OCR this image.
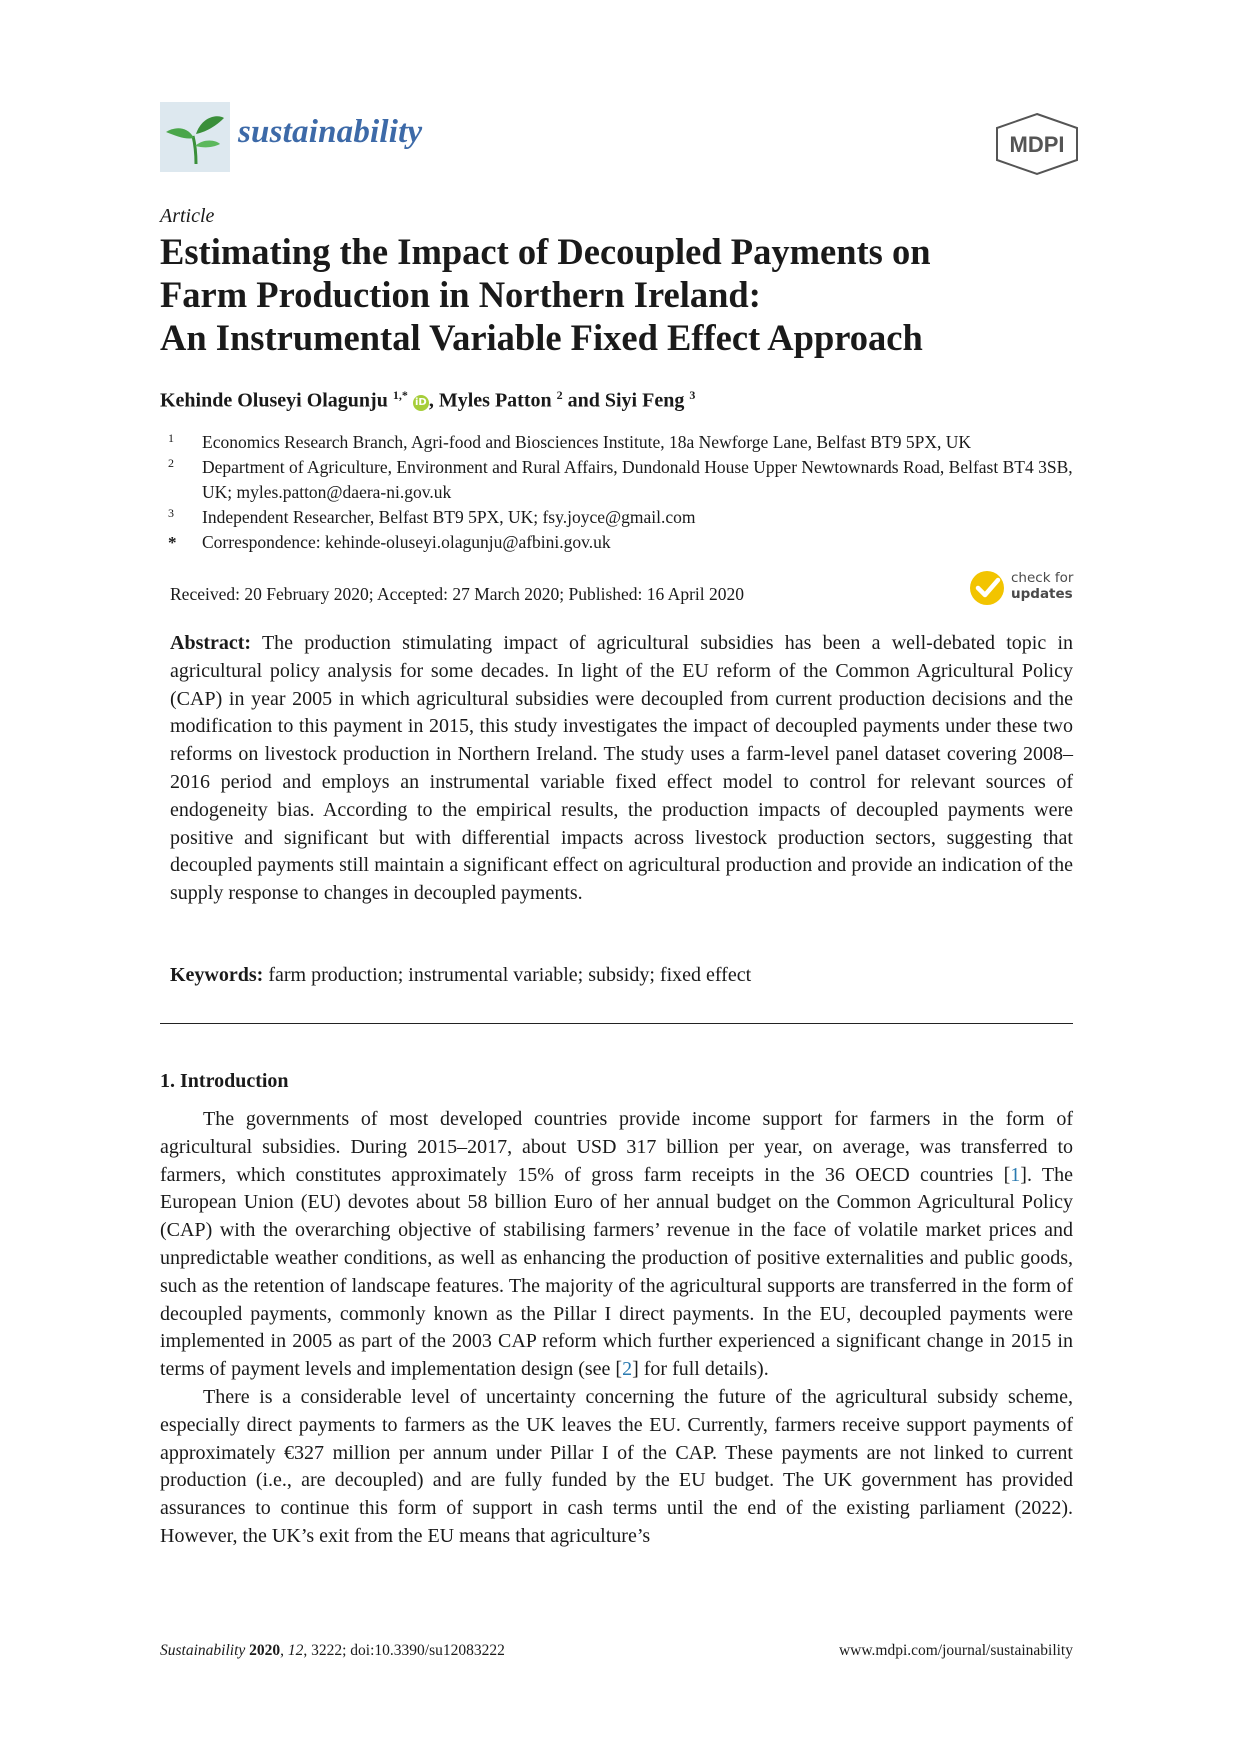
sustainability	MDPI
Article
Estimating the Impact of Decoupled Payments on
Farm Production in Northern Ireland:
An Instrumental Variable Fixed Effect Approach
Kehinde Oluseyi Olagunju $^{1,*}$ iD , Myles Patton $^2$ and Siyi Feng $^3$
1 Economics Research Branch, Agri-food and Biosciences Institute, 18a Newforge Lane, Belfast BT9 5PX, UK
2 Department of Agriculture, Environment and Rural Affairs, Dundonald House Upper Newtownards Road, Belfast BT4 3SB, UK; myles.patton@daera-ni.gov.uk
3 Independent Researcher, Belfast BT9 5PX, UK; fsy.joyce@gmail.com
* Correspondence: kehinde-oluseyi.olagunju@afbini.gov.uk
Received: 20 February 2020; Accepted: 27 March 2020; Published: 16 April 2020
check for
updates
Abstract: The production stimulating impact of agricultural subsidies has been a well-debated topic in agricultural policy analysis for some decades. In light of the EU reform of the Common Agricultural Policy (CAP) in year 2005 in which agricultural subsidies were decoupled from current production decisions and the modification to this payment in 2015, this study investigates the impact of decoupled payments under these two reforms on livestock production in Northern Ireland. The study uses a farm-level panel dataset covering 2008–2016 period and employs an instrumental variable fixed effect model to control for relevant sources of endogeneity bias. According to the empirical results, the production impacts of decoupled payments were positive and significant but with differential impacts across livestock production sectors, suggesting that decoupled payments still maintain a significant effect on agricultural production and provide an indication of the supply response to changes in decoupled payments.
Keywords: farm production; instrumental variable; subsidy; fixed effect
1. Introduction

The governments of most developed countries provide income support for farmers in the form of agricultural subsidies. During 2015–2017, about USD 317 billion per year, on average, was transferred to farmers, which constitutes approximately 15% of gross farm receipts in the 36 OECD countries [1]. The European Union (EU) devotes about 58 billion Euro of her annual budget on the Common Agricultural Policy (CAP) with the overarching objective of stabilising farmers’ revenue in the face of volatile market prices and unpredictable weather conditions, as well as enhancing the production of positive externalities and public goods, such as the retention of landscape features. The majority of the agricultural supports are transferred in the form of decoupled payments, commonly known as the Pillar I direct payments. In the EU, decoupled payments were implemented in 2005 as part of the 2003 CAP reform which further experienced a significant change in 2015 in terms of payment levels and implementation design (see [2] for full details).

There is a considerable level of uncertainty concerning the future of the agricultural subsidy scheme, especially direct payments to farmers as the UK leaves the EU. Currently, farmers receive support payments of approximately €327 million per annum under Pillar I of the CAP. These payments are not linked to current production (i.e., are decoupled) and are fully funded by the EU budget. The UK government has provided assurances to continue this form of support in cash terms until the end of the existing parliament (2022). However, the UK’s exit from the EU means that agriculture’s

Sustainability 2020, 12, 3222; doi:10.3390/su12083222	www.mdpi.com/journal/sustainability
